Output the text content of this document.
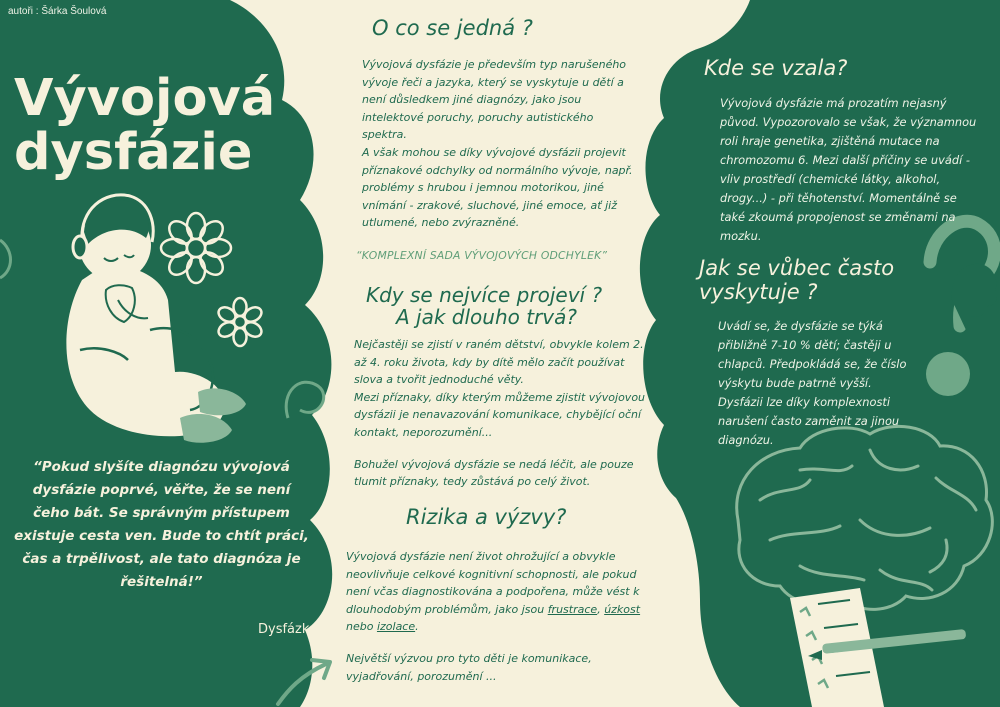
autoři : Šárka Šoulová
Vývojová
dysfázie
“Pokud slyšíte diagnózu vývojová dysfázie poprvé, věřte, že se není čeho bát. Se správným přístupem existuje cesta ven. Bude to chtít práci, čas a trpělivost, ale tato diagnóza je řešitelná!”
Dysfázka
O co se jedná ?

Vývojová dysfázie je především typ narušeného vývoje řeči a jazyka, který se vyskytuje u dětí a není důsledkem jiné diagnózy, jako jsou intelektové poruchy, poruchy autistického spektra.

A však mohou se díky vývojové dysfázii projevit příznakové odchylky od normálního vývoje, např. problémy s hrubou i jemnou motorikou, jiné vnímání - zrakové, sluchové, jiné emoce, ať již utlumené, nebo zvýrazněné.

“KOMPLEXNÍ SADA VÝVOJOVÝCH ODCHYLEK”
Kdy se nejvíce projeví ?
A jak dlouho trvá?

Nejčastěji se zjistí v raném dětství, obvykle kolem 2. až 4. roku života, kdy by dítě mělo začít používat slova a tvořit jednoduché věty.

Mezi příznaky, díky kterým můžeme zjistit vývojovou dysfázii je nenavazování komunikace, chybějící oční kontakt, neporozumění...

Bohužel vývojová dysfázie se nedá léčit, ale pouze tlumit příznaky, tedy zůstává po celý život.

Rizika a výzvy?

Vývojová dysfázie není život ohrožující a obvykle neovlivňuje celkové kognitivní schopnosti, ale pokud není včas diagnostikována a podpořena, může vést k dlouhodobým problémům, jako jsou frustrace, úzkost nebo izolace.

Největší výzvou pro tyto děti je komunikace, vyjadřování, porozumění ...

Kde se vzala?
Vývojová dysfázie má prozatím nejasný původ. Vypozorovalo se však, že významnou roli hraje genetika, zjištěná mutace na chromozomu 6. Mezi další příčiny se uvádí - vliv prostředí (chemické látky, alkohol, drogy...) - při těhotenství. Momentálně se také zkoumá propojenost se změnami na mozku.
Jak se vůbec často
vyskytuje ?
Uvádí se, že dysfázie se týká přibližně 7-10 % dětí; častěji u chlapců. Předpokládá se, že číslo výskytu bude patrně vyšší. Dysfázii lze díky komplexnosti narušení často zaměnit za jinou diagnózu.
